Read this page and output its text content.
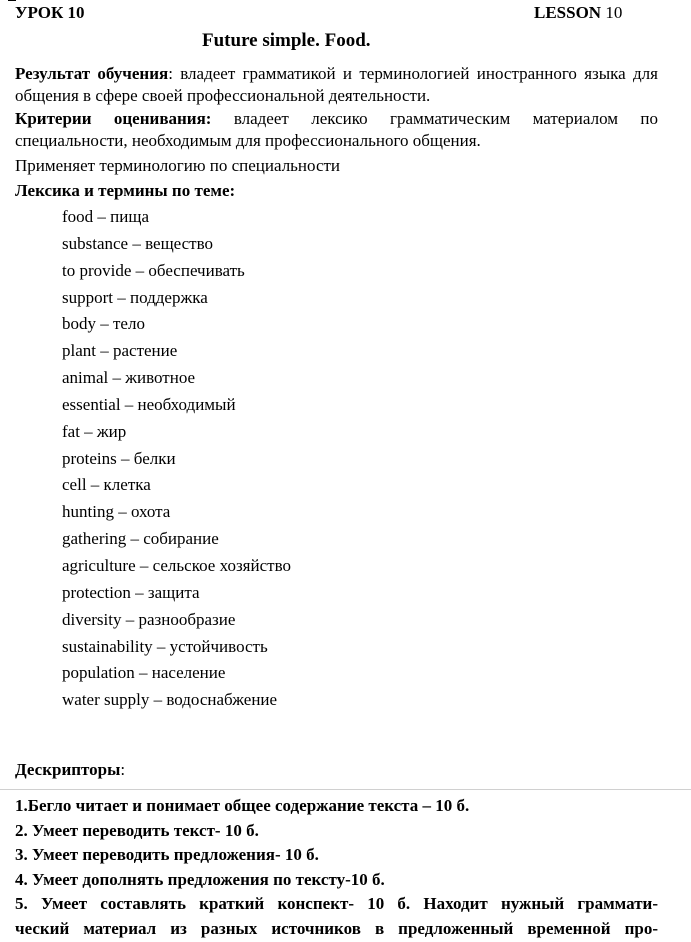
УРОК 10	LESSON 10
Future simple. Food.
Результат обучения: владеет грамматикой и терминологией иностранного языка для общения в сфере своей профессиональной деятельности.
Критерии оценивания: владеет лексико грамматическим материалом по специальности, необходимым для профессионального общения.
Применяет терминологию по специальности
Лексика и термины по теме:
food – пища
substance – вещество
to provide – обеспечивать
support – поддержка
body – тело
plant – растение
animal – животное
essential – необходимый
fat – жир
proteins – белки
cell – клетка
hunting – охота
gathering – собирание
agriculture – сельское хозяйство
protection – защита
diversity – разнообразие
sustainability – устойчивость
population – население
water supply – водоснабжение
Дескрипторы:
1.Бегло читает и понимает общее содержание текста – 10 б.
2. Умеет переводить текст- 10 б.
3. Умеет переводить предложения- 10 б.
4. Умеет дополнять предложения по тексту-10 б.
5. Умеет составлять краткий конспект- 10 б. Находит нужный граммати-
ческий материал из разных источников в предложенный временной про-
